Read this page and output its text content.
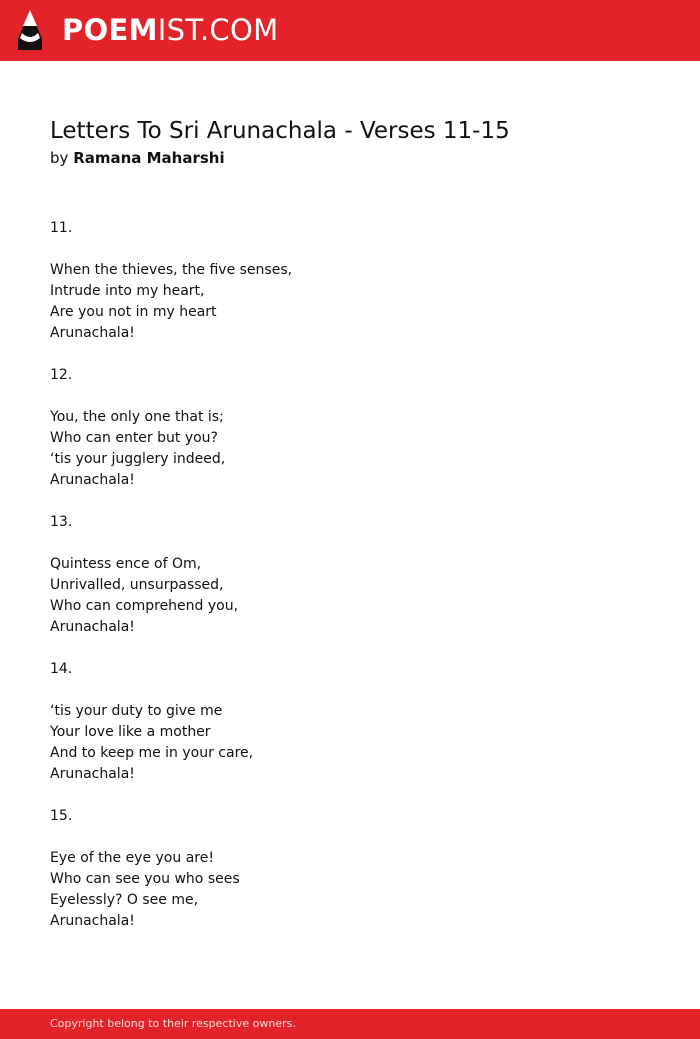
POEMIST.COM
Letters To Sri Arunachala - Verses 11-15
by Ramana Maharshi
11.
When the thieves, the five senses,
Intrude into my heart,
Are you not in my heart
Arunachala!
12.
You, the only one that is;
Who can enter but you?
‘tis your jugglery indeed,
Arunachala!
13.
Quintess ence of Om,
Unrivalled, unsurpassed,
Who can comprehend you,
Arunachala!
14.
‘tis your duty to give me
Your love like a mother
And to keep me in your care,
Arunachala!
15.
Eye of the eye you are!
Who can see you who sees
Eyelessly? O see me,
Arunachala!
Copyright belong to their respective owners.
